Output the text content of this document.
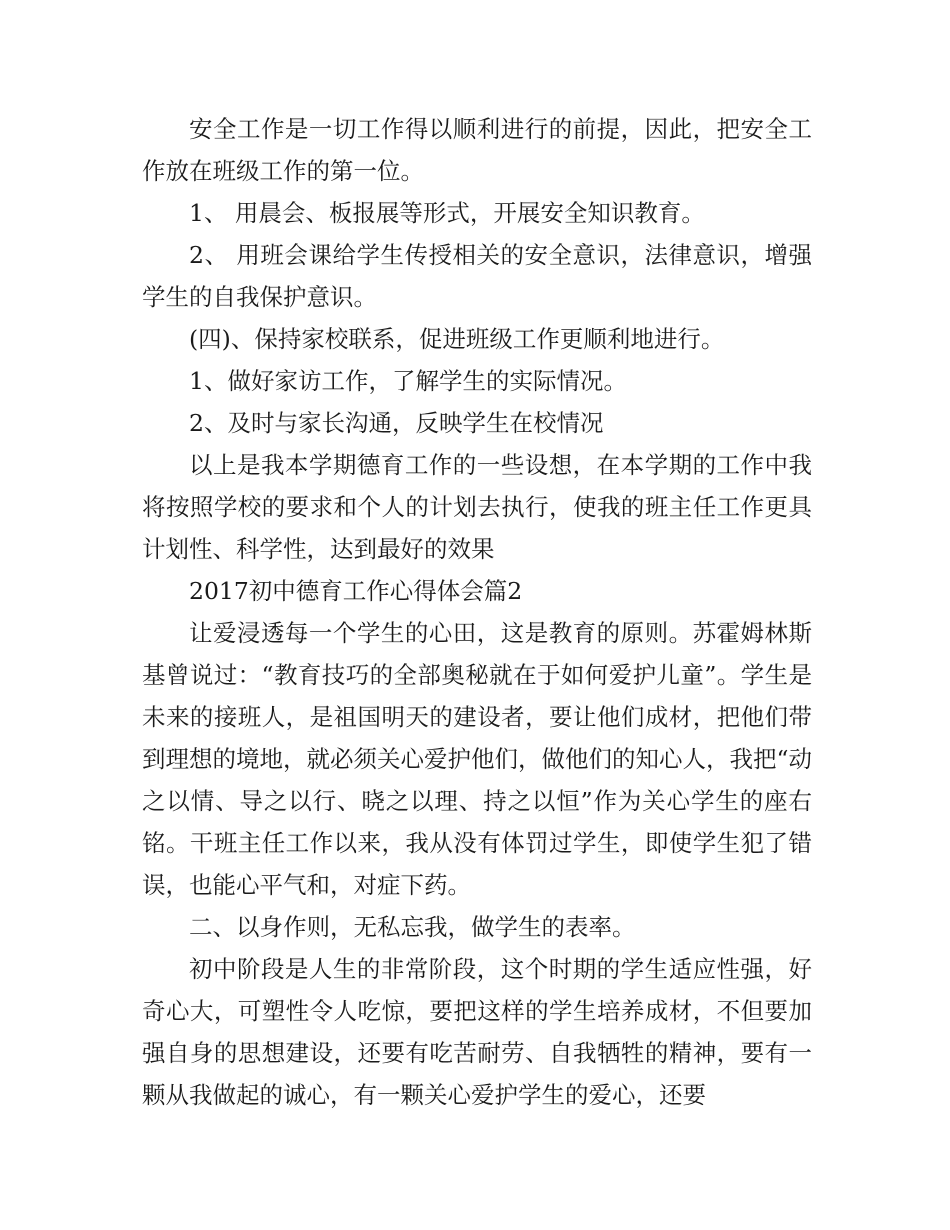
安全工作是一切工作得以顺利进行的前提，因此，把安全工作放在班级工作的第一位。

1、 用晨会、板报展等形式，开展安全知识教育。

2、 用班会课给学生传授相关的安全意识，法律意识，增强学生的自我保护意识。

(四)、保持家校联系，促进班级工作更顺利地进行。

1、做好家访工作，了解学生的实际情况。

2、及时与家长沟通，反映学生在校情况

以上是我本学期德育工作的一些设想，在本学期的工作中我将按照学校的要求和个人的计划去执行，使我的班主任工作更具计划性、科学性，达到最好的效果

2017初中德育工作心得体会篇2

让爱浸透每一个学生的心田，这是教育的原则。苏霍姆林斯基曾说过：“教育技巧的全部奥秘就在于如何爱护儿童”。学生是未来的接班人，是祖国明天的建设者，要让他们成材，把他们带到理想的境地，就必须关心爱护他们，做他们的知心人，我把“动之以情、导之以行、晓之以理、持之以恒”作为关心学生的座右铭。干班主任工作以来，我从没有体罚过学生，即使学生犯了错误，也能心平气和，对症下药。

二、以身作则，无私忘我，做学生的表率。

初中阶段是人生的非常阶段，这个时期的学生适应性强，好奇心大，可塑性令人吃惊，要把这样的学生培养成材，不但要加强自身的思想建设，还要有吃苦耐劳、自我牺牲的精神，要有一颗从我做起的诚心，有一颗关心爱护学生的爱心，还要
